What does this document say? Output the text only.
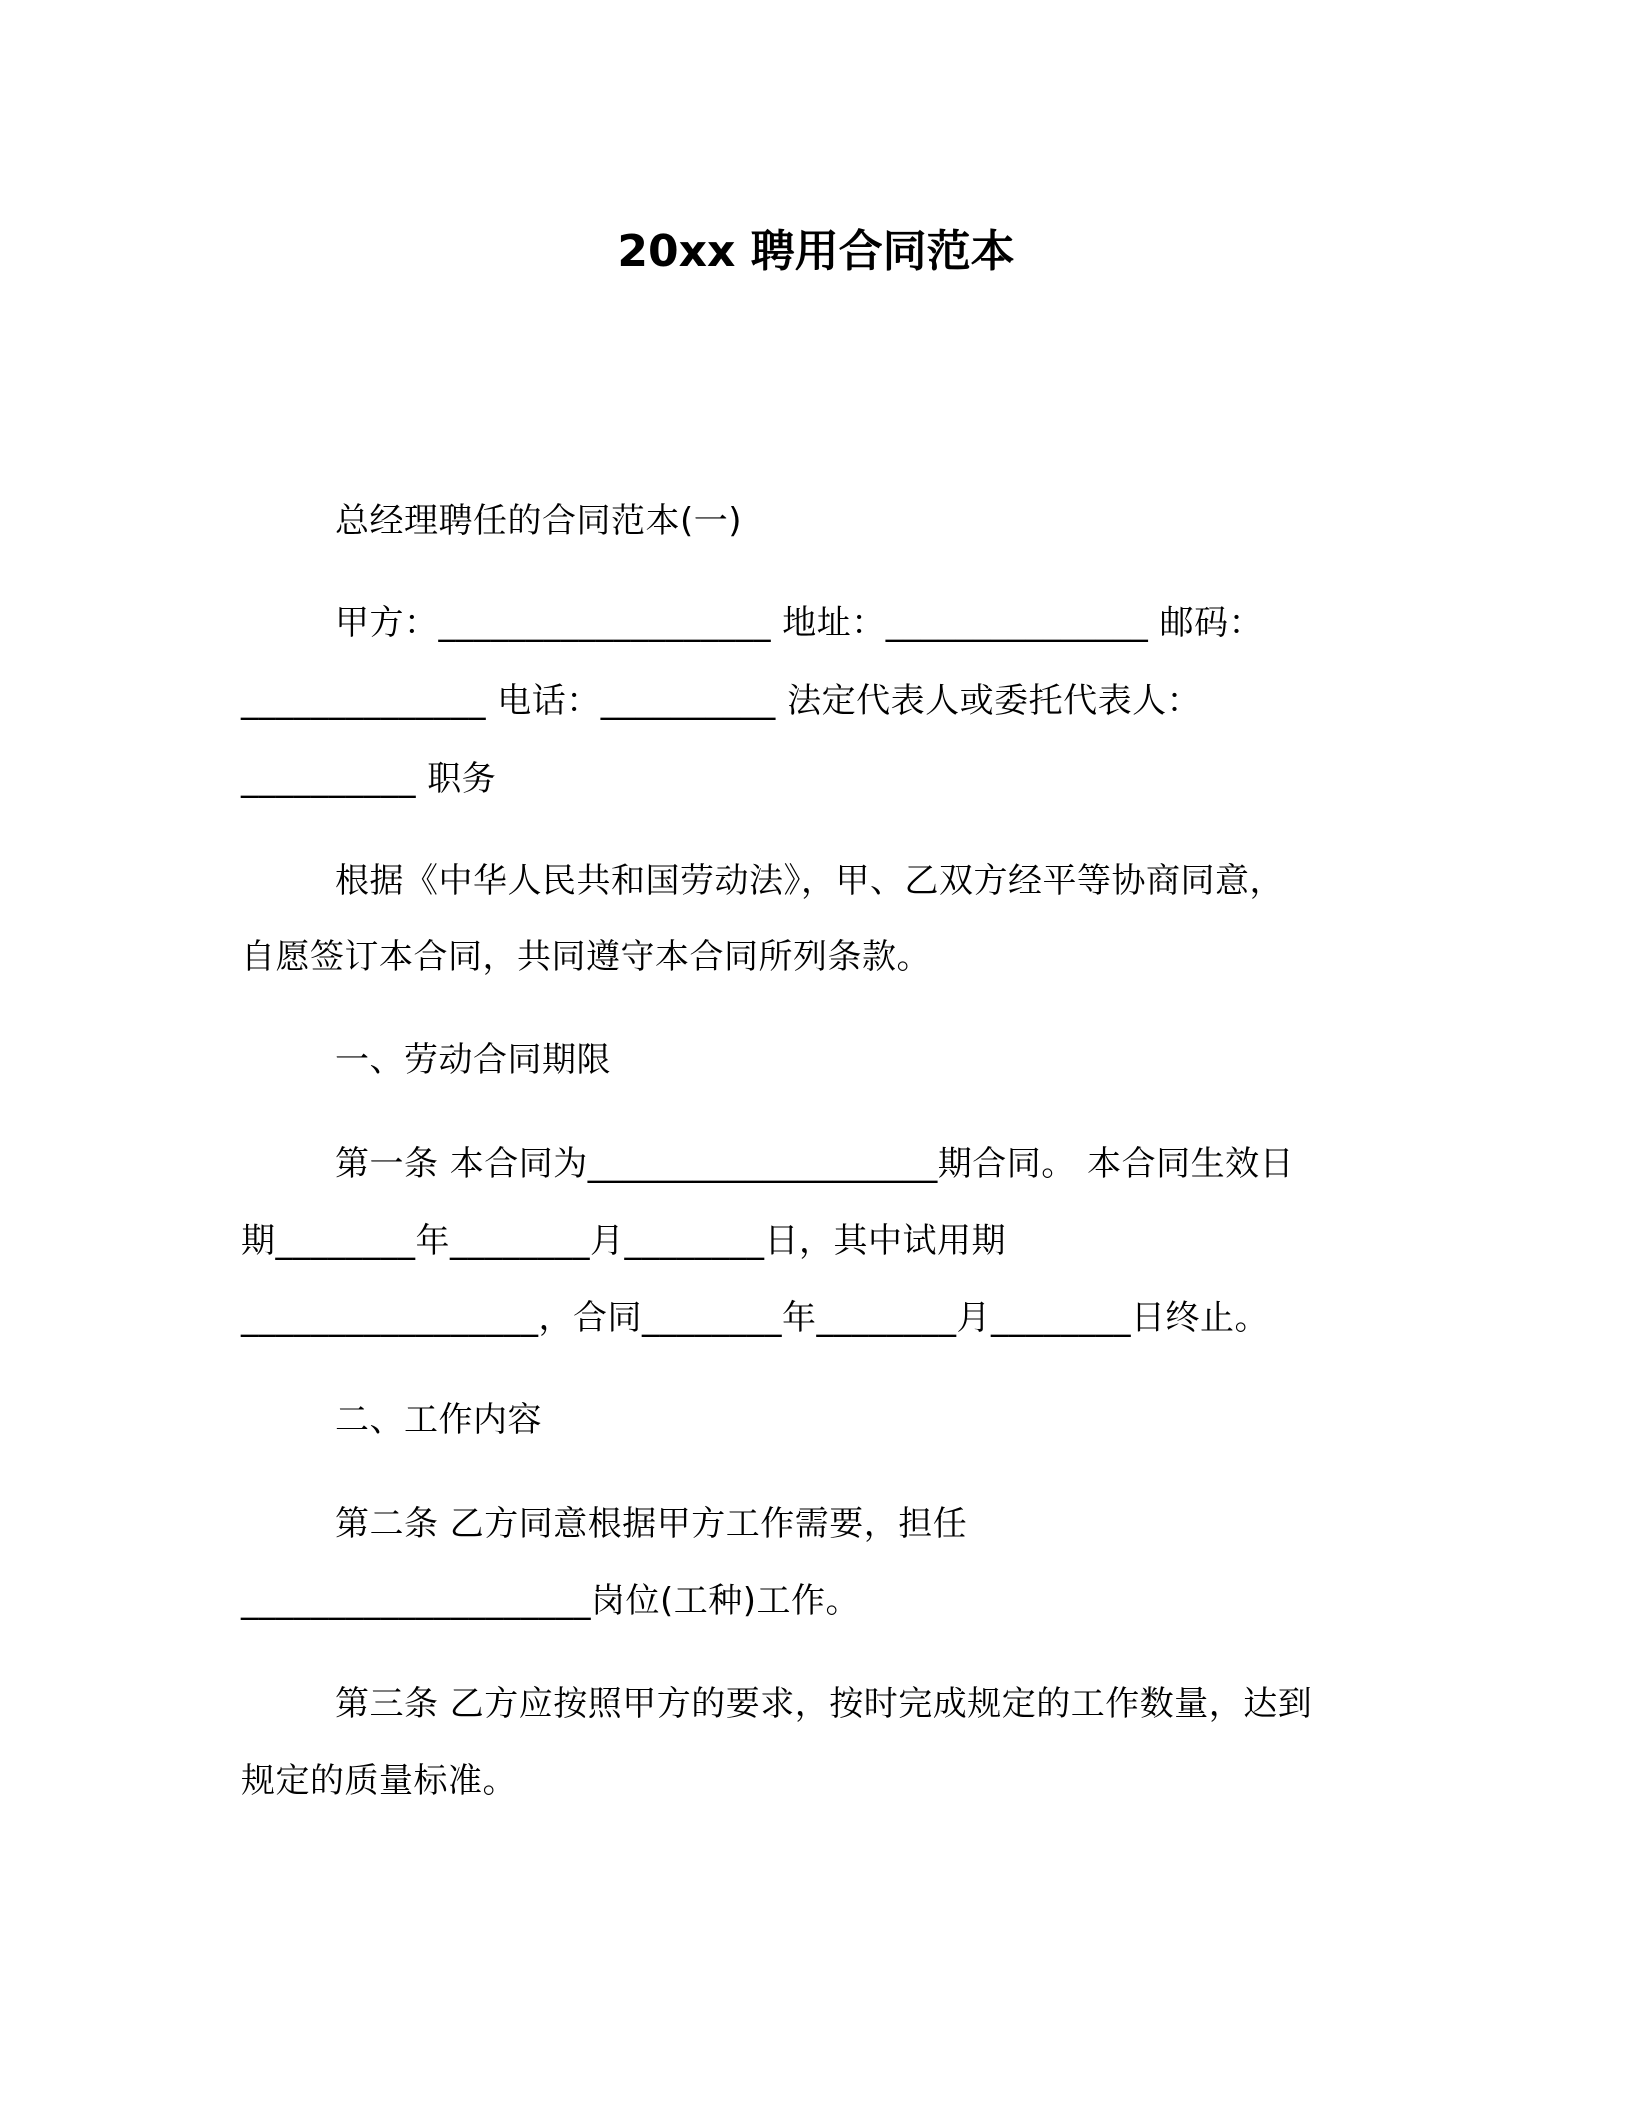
20xx 聘用合同范本
总经理聘任的合同范本(一)
甲方：___________________ 地址：_______________ 邮码：
______________ 电话：__________ 法定代表人或委托代表人：
__________ 职务
根据《中华人民共和国劳动法》，甲、乙双方经平等协商同意，
自愿签订本合同，共同遵守本合同所列条款。
一、劳动合同期限
第一条 本合同为____________________期合同。 本合同生效日
期________年________月________日，其中试用期
_________________，合同________年________月________日终止。
二、工作内容
第二条 乙方同意根据甲方工作需要，担任
____________________岗位(工种)工作。
第三条 乙方应按照甲方的要求，按时完成规定的工作数量，达到
规定的质量标准。
